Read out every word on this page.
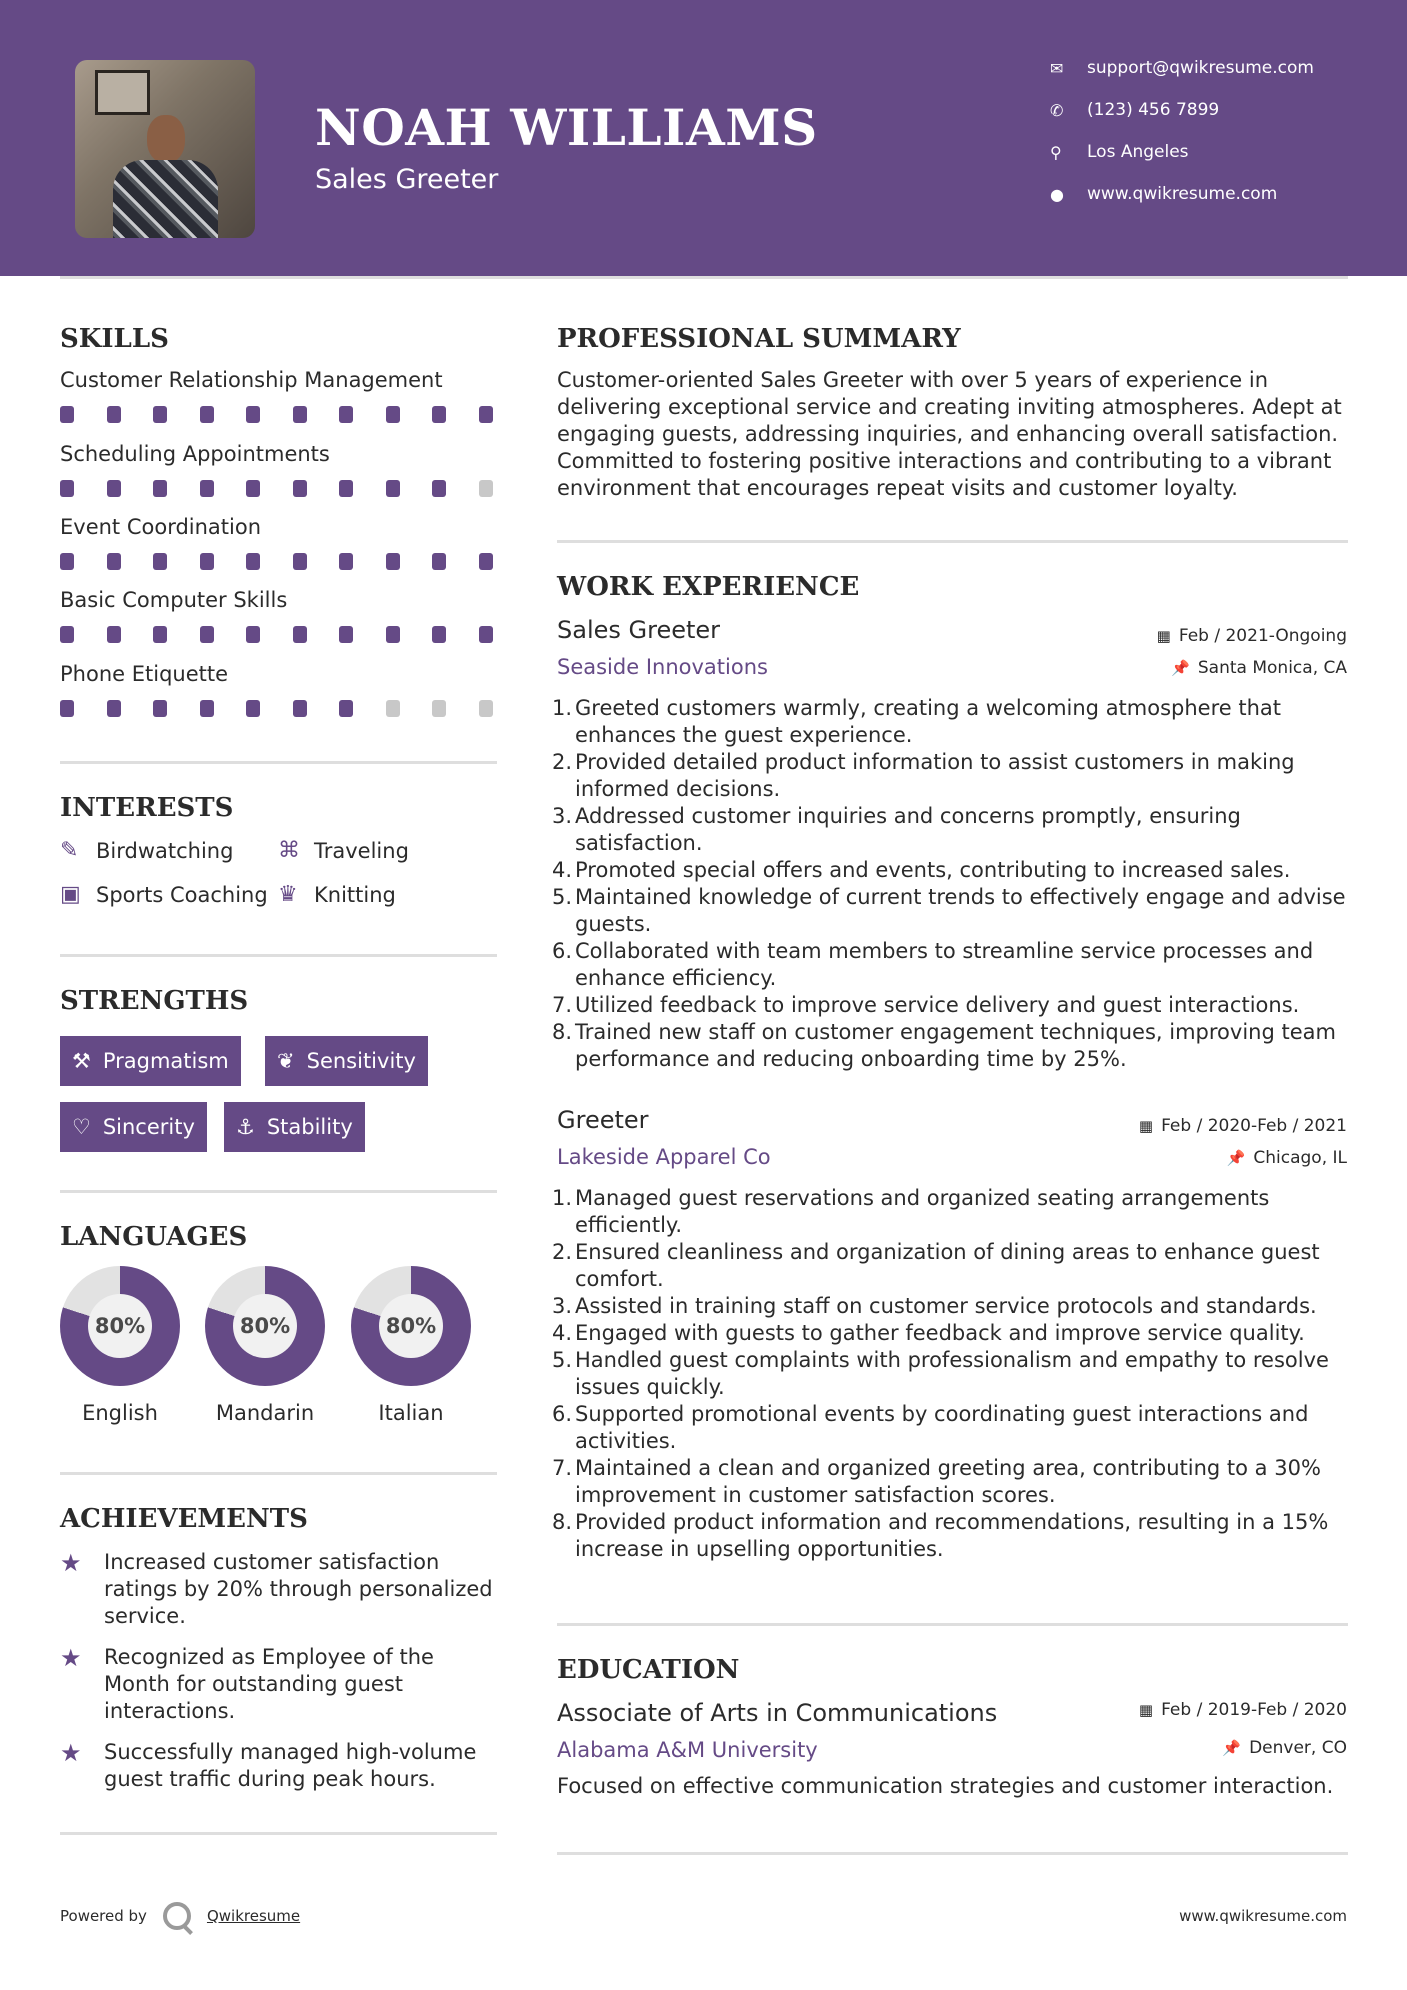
NOAH WILLIAMS
Sales Greeter
✉	support@qwikresume.com
✆	(123) 456 7899
⚲	Los Angeles
●	www.qwikresume.com
SKILLS
Customer Relationship Management
Scheduling Appointments
Event Coordination
Basic Computer Skills
Phone Etiquette
INTERESTS
✎ Birdwatching ⌘ Traveling
▣ Sports Coaching ♛ Knitting
STRENGTHS
⚒ Pragmatism ❦ Sensitivity
♡ Sincerity ⚓ Stability
LANGUAGES
80%
English
80%
Mandarin
80%
Italian
ACHIEVEMENTS
★	Increased customer satisfaction ratings by 20% through personalized service.
★	Recognized as Employee of the Month for outstanding guest interactions.
★	Successfully managed high-volume guest traffic during peak hours.
PROFESSIONAL SUMMARY
Customer-oriented Sales Greeter with over 5 years of experience in delivering exceptional service and creating inviting atmospheres. Adept at engaging guests, addressing inquiries, and enhancing overall satisfaction. Committed to fostering positive interactions and contributing to a vibrant environment that encourages repeat visits and customer loyalty.
WORK EXPERIENCE
Sales Greeter	▦ Feb / 2021-Ongoing
Seaside Innovations	📌 Santa Monica, CA
1. Greeted customers warmly, creating a welcoming atmosphere that enhances the guest experience.
2. Provided detailed product information to assist customers in making informed decisions.
3. Addressed customer inquiries and concerns promptly, ensuring satisfaction.
4. Promoted special offers and events, contributing to increased sales.
5. Maintained knowledge of current trends to effectively engage and advise guests.
6. Collaborated with team members to streamline service processes and enhance efficiency.
7. Utilized feedback to improve service delivery and guest interactions.
8. Trained new staff on customer engagement techniques, improving team performance and reducing onboarding time by 25%.
Greeter	▦ Feb / 2020-Feb / 2021
Lakeside Apparel Co	📌 Chicago, IL
1. Managed guest reservations and organized seating arrangements efficiently.
2. Ensured cleanliness and organization of dining areas to enhance guest comfort.
3. Assisted in training staff on customer service protocols and standards.
4. Engaged with guests to gather feedback and improve service quality.
5. Handled guest complaints with professionalism and empathy to resolve issues quickly.
6. Supported promotional events by coordinating guest interactions and activities.
7. Maintained a clean and organized greeting area, contributing to a 30% improvement in customer satisfaction scores.
8. Provided product information and recommendations, resulting in a 15% increase in upselling opportunities.
EDUCATION
Associate of Arts in Communications	▦ Feb / 2019-Feb / 2020
Alabama A&M University	📌 Denver, CO
Focused on effective communication strategies and customer interaction.
Powered by	Qwikresume	www.qwikresume.com
